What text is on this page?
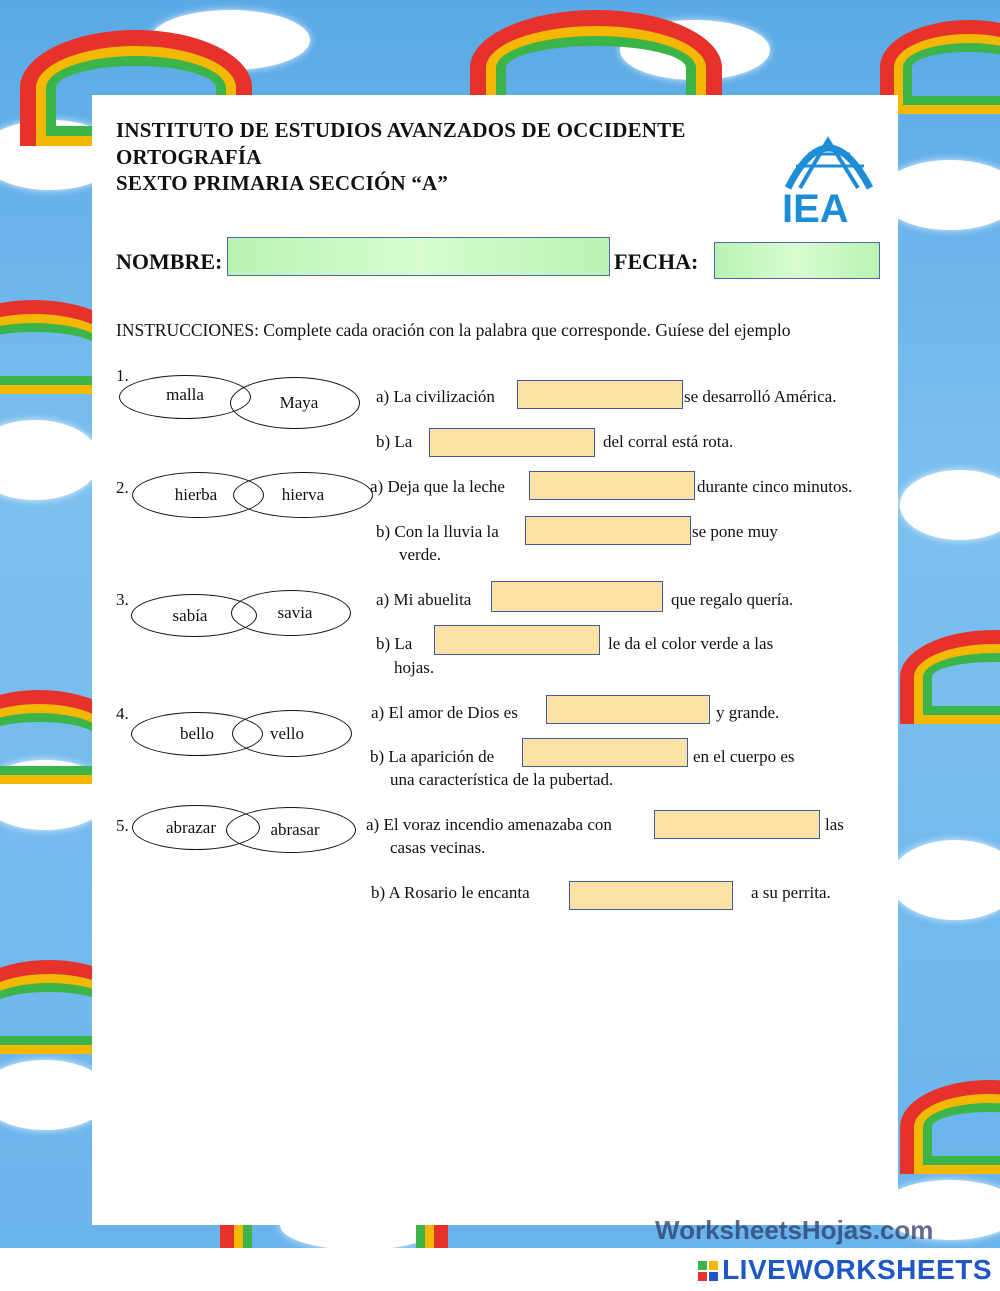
WorksheetsHojas.com
INSTITUTO DE ESTUDIOS AVANZADOS DE OCCIDENTE
ORTOGRAFÍA
SEXTO PRIMARIA SECCIÓN “A”
IEA
NOMBRE:	FECHA:
INSTRUCCIONES: Complete cada oración con la palabra que corresponde. Guíese del ejemplo
1.
malla	Maya	a) La civilización	se desarrolló América.
b) La	del corral está rota.
2.	hierba	hierva	a) Deja que la leche	durante cinco minutos.
b) Con la lluvia la	se pone muy
verde.
3.
sabía	savia
a) Mi abuelita	que regalo quería.
b) La	le da el color verde a las
hojas.
4.
bello	vello
a) El amor de Dios es	y grande.
b) La aparición de	en el cuerpo es
una característica de la pubertad.
5. abrazar	abrasar	a) El voraz incendio amenazaba con	las
casas vecinas.
b) A Rosario le encanta	a su perrita.
LIVEWORKSHEETS
